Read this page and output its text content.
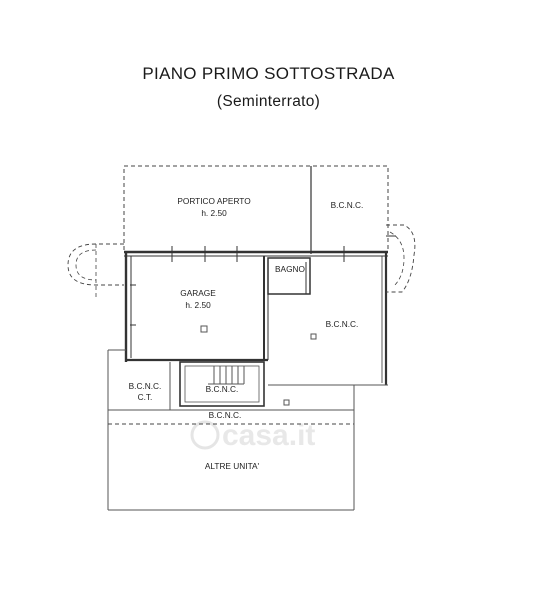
PIANO PRIMO SOTTOSTRADA
(Seminterrato)
casa.it
PORTICO APERTO
h. 2.50
B.C.N.C.
BAGNO
GARAGE
h. 2.50
B.C.N.C.
B.C.N.C.
C.T.
B.C.N.C.
B.C.N.C.
ALTRE UNITA'
